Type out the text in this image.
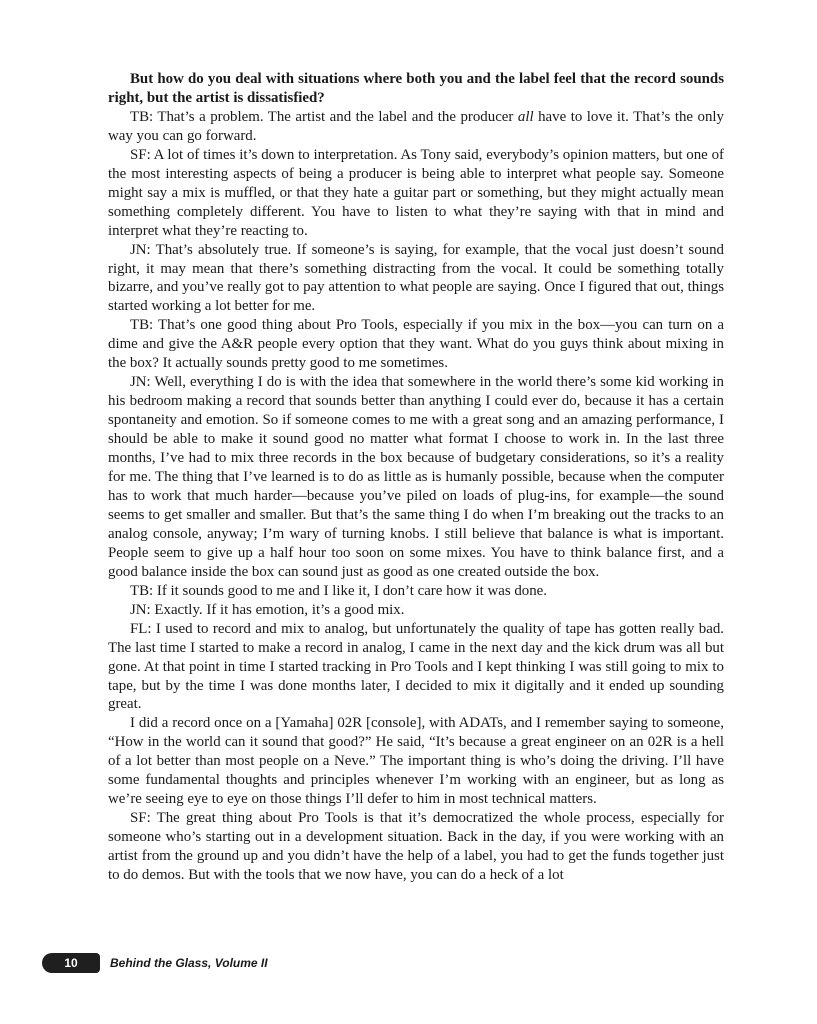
But how do you deal with situations where both you and the label feel that the record sounds right, but the artist is dissatisfied?

TB: That’s a problem. The artist and the label and the producer all have to love it. That’s the only way you can go forward.

SF: A lot of times it’s down to interpretation. As Tony said, everybody’s opinion matters, but one of the most interesting aspects of being a producer is being able to interpret what people say. Someone might say a mix is muffled, or that they hate a guitar part or something, but they might actually mean something completely different. You have to listen to what they’re saying with that in mind and interpret what they’re reacting to.

JN: That’s absolutely true. If someone’s is saying, for example, that the vocal just doesn’t sound right, it may mean that there’s something distracting from the vocal. It could be something totally bizarre, and you’ve really got to pay attention to what people are saying. Once I figured that out, things started working a lot better for me.

TB: That’s one good thing about Pro Tools, especially if you mix in the box—you can turn on a dime and give the A&R people every option that they want. What do you guys think about mixing in the box? It actually sounds pretty good to me sometimes.

JN: Well, everything I do is with the idea that somewhere in the world there’s some kid working in his bedroom making a record that sounds better than anything I could ever do, because it has a certain spontaneity and emotion. So if someone comes to me with a great song and an amazing performance, I should be able to make it sound good no matter what format I choose to work in. In the last three months, I’ve had to mix three records in the box because of budgetary considerations, so it’s a reality for me. The thing that I’ve learned is to do as little as is humanly possible, because when the computer has to work that much harder—because you’ve piled on loads of plug-ins, for example—the sound seems to get smaller and smaller. But that’s the same thing I do when I’m breaking out the tracks to an analog console, anyway; I’m wary of turning knobs. I still believe that balance is what is important. People seem to give up a half hour too soon on some mixes. You have to think balance first, and a good balance inside the box can sound just as good as one created outside the box.

TB: If it sounds good to me and I like it, I don’t care how it was done.

JN: Exactly. If it has emotion, it’s a good mix.

FL: I used to record and mix to analog, but unfortunately the quality of tape has gotten really bad. The last time I started to make a record in analog, I came in the next day and the kick drum was all but gone. At that point in time I started tracking in Pro Tools and I kept thinking I was still going to mix to tape, but by the time I was done months later, I decided to mix it digitally and it ended up sounding great.

I did a record once on a [Yamaha] 02R [console], with ADATs, and I remember saying to someone, “How in the world can it sound that good?” He said, “It’s because a great engineer on an 02R is a hell of a lot better than most people on a Neve.” The important thing is who’s doing the driving. I’ll have some fundamental thoughts and principles whenever I’m working with an engineer, but as long as we’re seeing eye to eye on those things I’ll defer to him in most technical matters.

SF: The great thing about Pro Tools is that it’s democratized the whole process, especially for someone who’s starting out in a development situation. Back in the day, if you were working with an artist from the ground up and you didn’t have the help of a label, you had to get the funds together just to do demos. But with the tools that we now have, you can do a heck of a lot

10	Behind the Glass, Volume II
